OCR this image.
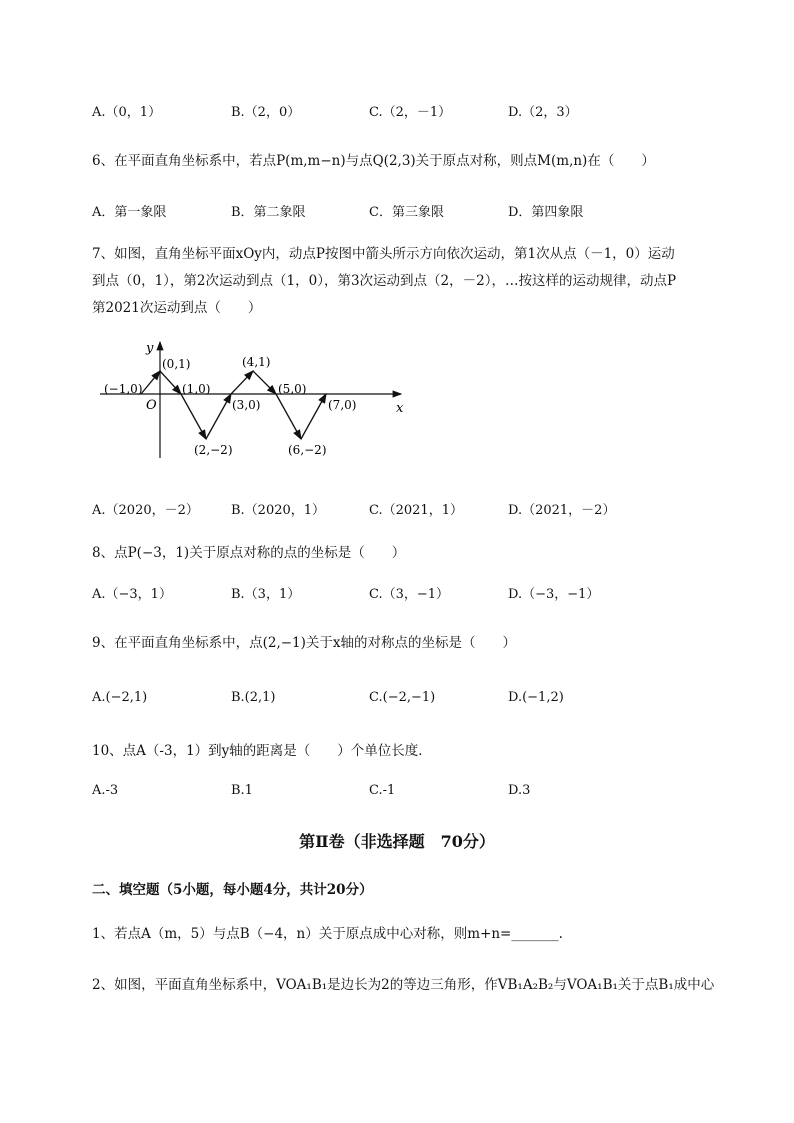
A.（0，1）	B.（2，0）	C.（2，－1）	D.（2，3）
6、在平面直角坐标系中，若点P(m,m−n)与点Q(2,3)关于原点对称，则点M(m,n)在（　　）
A．第一象限	B．第二象限	C．第三象限	D．第四象限
7、如图，直角坐标平面xOy内，动点P按图中箭头所示方向依次运动，第1次从点（－1，0）运动
到点（0，1），第2次运动到点（1，0），第3次运动到点（2，－2），…按这样的运动规律，动点P
第2021次运动到点（　　）
y
x
O
(−1,0)
(0,1)
(1,0)
(2,−2)
(3,0)
(4,1)
(5,0)
(6,−2)
(7,0)
A.（2020，－2） B.（2020，1）	C.（2021，1）	D.（2021，－2）
8、点P(−3，1)关于原点对称的点的坐标是（　　）
A.（−3，1）	B.（3，1）	C.（3，−1）	D.（−3，−1）
9、在平面直角坐标系中，点(2,−1)关于x轴的对称点的坐标是（　　）
A.(−2,1)	B.(2,1)	C.(−2,−1)	D.(−1,2)
10、点A（-3，1）到y轴的距离是（　　）个单位长度．
A.-3	B.1	C.-1	D.3
第Ⅱ卷（非选择题　70分）
二、填空题（5小题，每小题4分，共计20分）
1、若点A（m，5）与点B（−4，n）关于原点成中心对称，则m+n=_______.
2、如图，平面直角坐标系中，VOA₁B₁是边长为2的等边三角形，作VB₁A₂B₂与VOA₁B₁关于点B₁成中心
